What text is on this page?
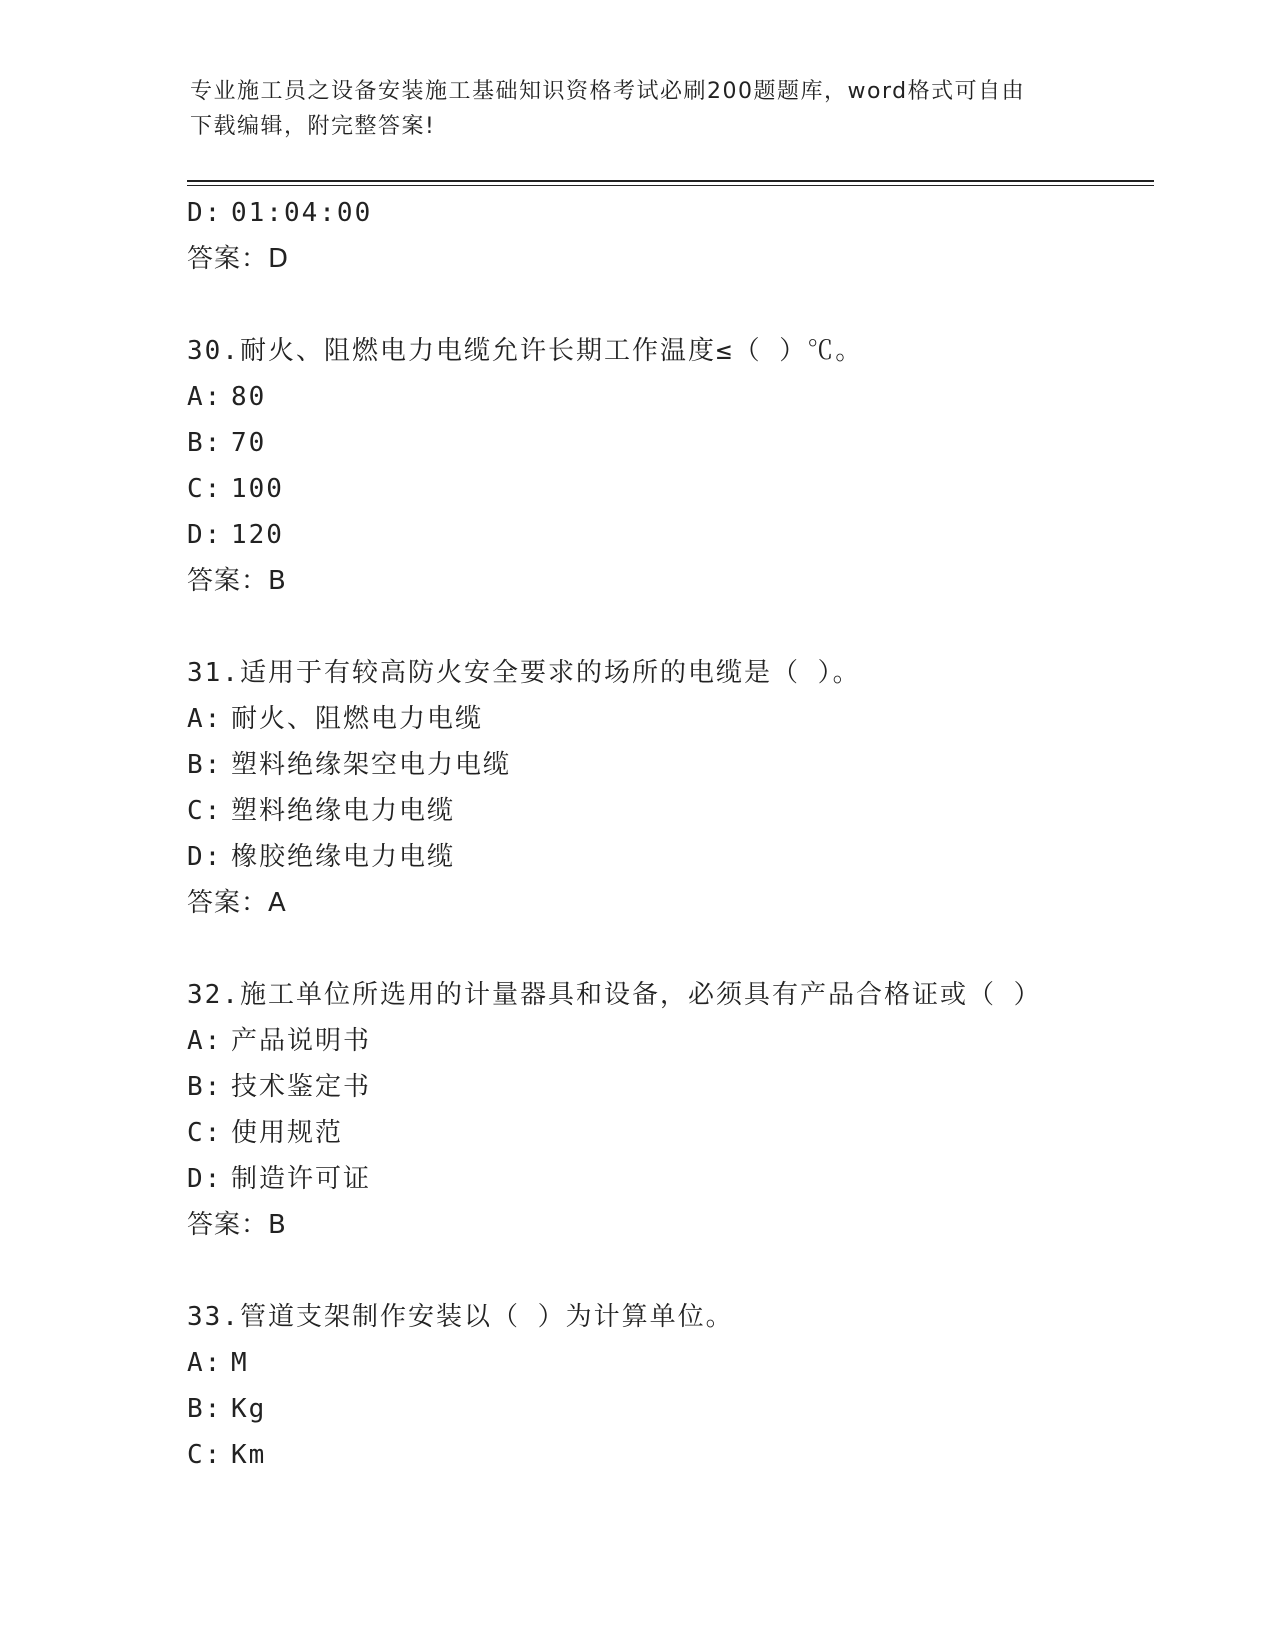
专业施工员之设备安装施工基础知识资格考试必刷200题题库，word格式可自由
下载编辑，附完整答案!
D: 01:04:00
答案：D
30.耐火、阻燃电力电缆允许长期工作温度≤（ ）℃。
A: 80
B: 70
C: 100
D: 120
答案：B
31.适用于有较高防火安全要求的场所的电缆是（ ）。
A: 耐火、阻燃电力电缆
B: 塑料绝缘架空电力电缆
C: 塑料绝缘电力电缆
D: 橡胶绝缘电力电缆
答案：A
32.施工单位所选用的计量器具和设备，必须具有产品合格证或（ ）
A: 产品说明书
B: 技术鉴定书
C: 使用规范
D: 制造许可证
答案：B
33.管道支架制作安装以（ ）为计算单位。
A: M
B: Kg
C: Km
